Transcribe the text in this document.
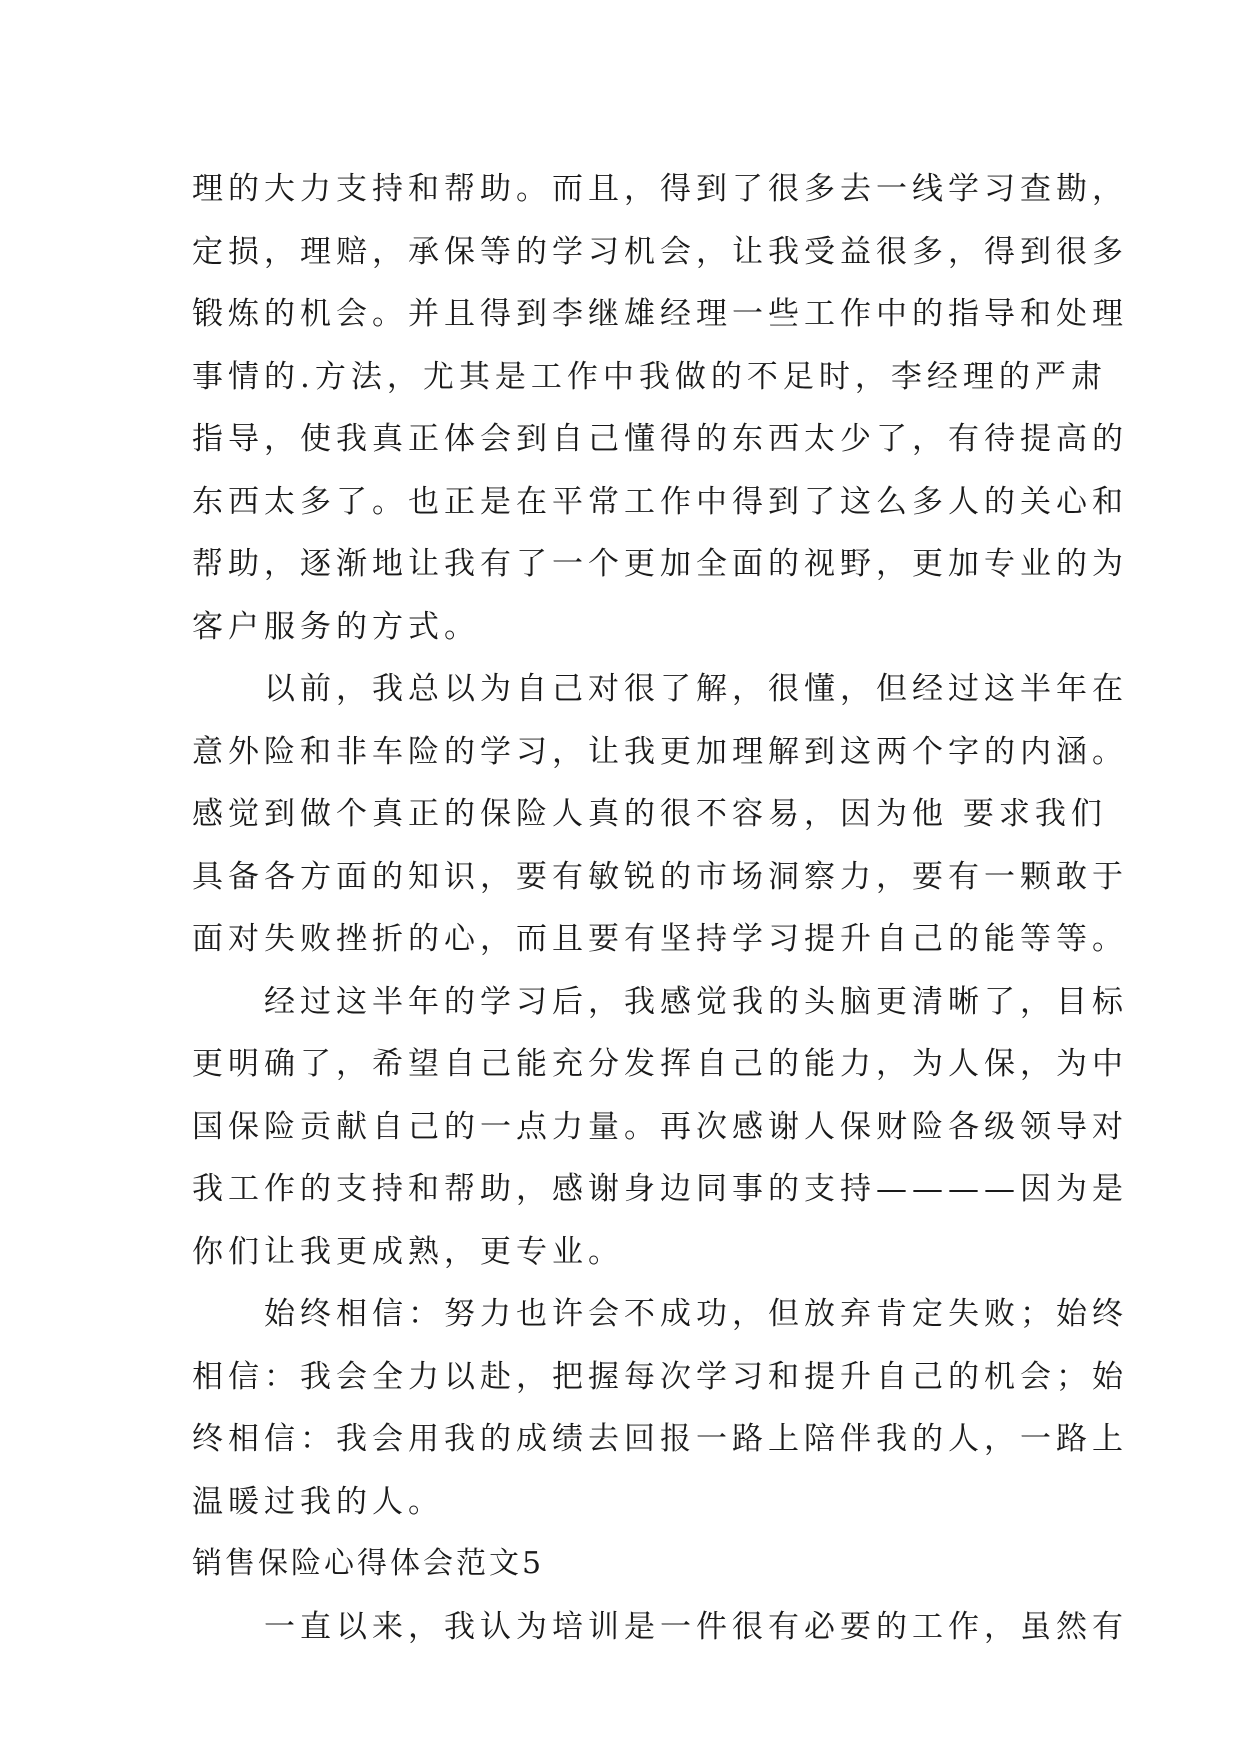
理的大力支持和帮助。而且，得到了很多去一线学习查勘，
定损，理赔，承保等的学习机会，让我受益很多，得到很多
锻炼的机会。并且得到李继雄经理一些工作中的指导和处理
事情的.方法，尤其是工作中我做的不足时，李经理的严肃
指导，使我真正体会到自己懂得的东西太少了，有待提高的
东西太多了。也正是在平常工作中得到了这么多人的关心和
帮助，逐渐地让我有了一个更加全面的视野，更加专业的为
客户服务的方式。
　　以前，我总以为自己对很了解，很懂，但经过这半年在
意外险和非车险的学习，让我更加理解到这两个字的内涵。
感觉到做个真正的保险人真的很不容易，因为他 要求我们
具备各方面的知识，要有敏锐的市场洞察力，要有一颗敢于
面对失败挫折的心，而且要有坚持学习提升自己的能等等。
　　经过这半年的学习后，我感觉我的头脑更清晰了，目标
更明确了，希望自己能充分发挥自己的能力，为人保，为中
国保险贡献自己的一点力量。再次感谢人保财险各级领导对
我工作的支持和帮助，感谢身边同事的支持————因为是
你们让我更成熟，更专业。
　　始终相信：努力也许会不成功，但放弃肯定失败；始终
相信：我会全力以赴，把握每次学习和提升自己的机会；始
终相信：我会用我的成绩去回报一路上陪伴我的人，一路上
温暖过我的人。
销售保险心得体会范文5
　　一直以来，我认为培训是一件很有必要的工作，虽然有
